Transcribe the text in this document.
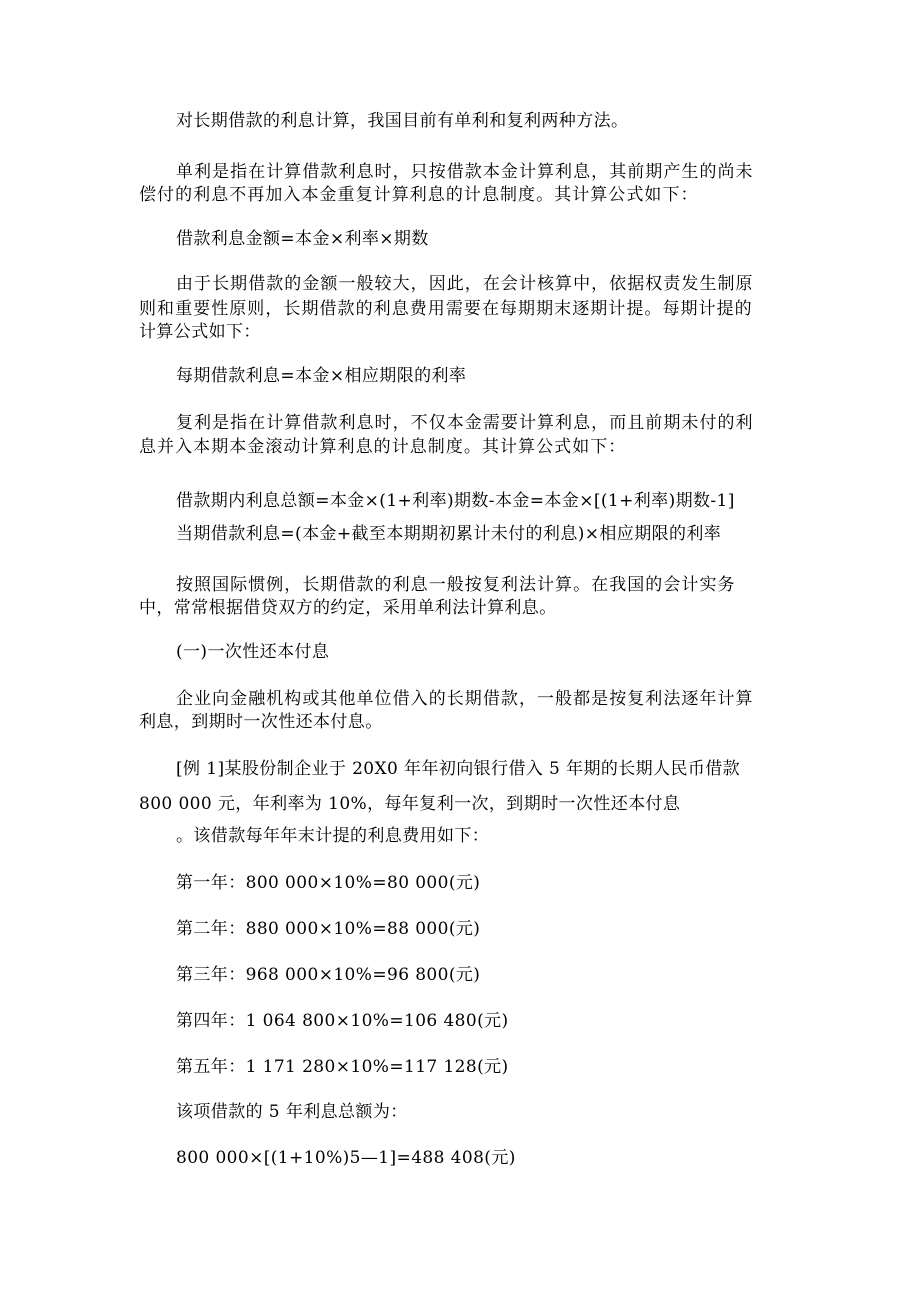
对长期借款的利息计算，我国目前有单利和复利两种方法。
单利是指在计算借款利息时，只按借款本金计算利息，其前期产生的尚未
偿付的利息不再加入本金重复计算利息的计息制度。其计算公式如下：
借款利息金额=本金×利率×期数
由于长期借款的金额一般较大，因此，在会计核算中，依据权责发生制原
则和重要性原则，长期借款的利息费用需要在每期期末逐期计提。每期计提的
计算公式如下：
每期借款利息=本金×相应期限的利率
复利是指在计算借款利息时，不仅本金需要计算利息，而且前期未付的利
息并入本期本金滚动计算利息的计息制度。其计算公式如下：
借款期内利息总额=本金×(1+利率)期数-本金=本金×[(1+利率)期数-1]
当期借款利息=(本金+截至本期期初累计未付的利息)×相应期限的利率
按照国际惯例，长期借款的利息一般按复利法计算。在我国的会计实务
中，常常根据借贷双方的约定，采用单利法计算利息。
(一)一次性还本付息
企业向金融机构或其他单位借入的长期借款，一般都是按复利法逐年计算
利息，到期时一次性还本付息。
[例 1]某股份制企业于 20X0 年年初向银行借入 5 年期的长期人民币借款
800 000 元，年利率为 10%，每年复利一次，到期时一次性还本付息
。该借款每年年末计提的利息费用如下：
第一年：800 000×10%=80 000(元)
第二年：880 000×10%=88 000(元)
第三年：968 000×10%=96 800(元)
第四年：1 064 800×10%=106 480(元)
第五年：1 171 280×10%=117 128(元)
该项借款的 5 年利息总额为：
800 000×[(1+10%)5—1]=488 408(元)
